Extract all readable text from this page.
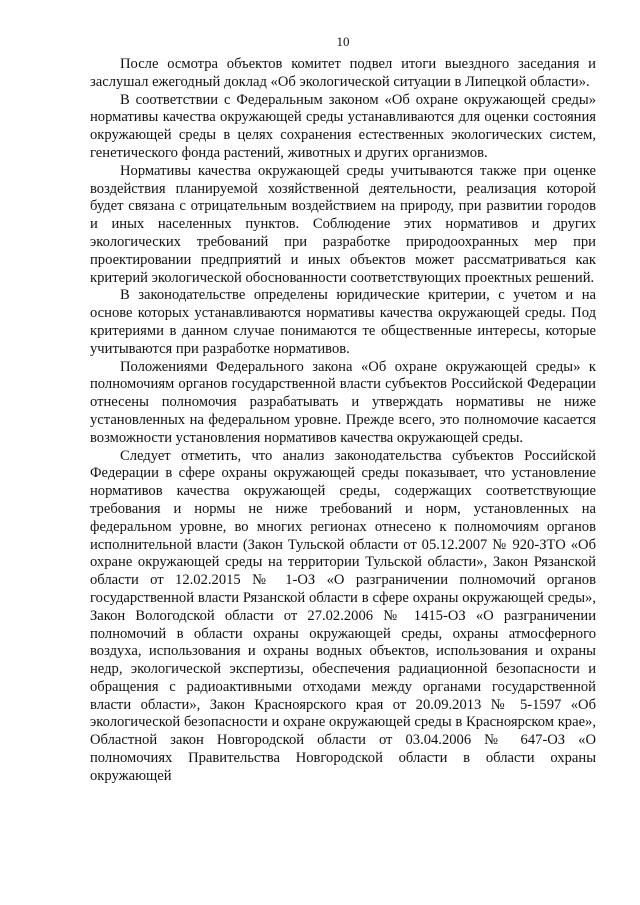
10

После осмотра объектов комитет подвел итоги выездного заседания и заслушал ежегодный доклад «Об экологической ситуации в Липецкой области».

В соответствии с Федеральным законом «Об охране окружающей среды» нормативы качества окружающей среды устанавливаются для оценки состояния окружающей среды в целях сохранения естественных экологических систем, генетического фонда растений, животных и других организмов.

Нормативы качества окружающей среды учитываются также при оценке воздействия планируемой хозяйственной деятельности, реализация которой будет связана с отрицательным воздействием на природу, при развитии городов и иных населенных пунктов. Соблюдение этих нормативов и других экологических требований при разработке природоохранных мер при проектировании предприятий и иных объектов может рассматриваться как критерий экологической обоснованности соответствующих проектных решений.

В законодательстве определены юридические критерии, с учетом и на основе которых устанавливаются нормативы качества окружающей среды. Под критериями в данном случае понимаются те общественные интересы, которые учитываются при разработке нормативов.

Положениями Федерального закона «Об охране окружающей среды» к полномочиям органов государственной власти субъектов Российской Федерации отнесены полномочия разрабатывать и утверждать нормативы не ниже установленных на федеральном уровне. Прежде всего, это полномочие касается возможности установления нормативов качества окружающей среды.

Следует отметить, что анализ законодательства субъектов Российской Федерации в сфере охраны окружающей среды показывает, что установление нормативов качества окружающей среды, содержащих соответствующие требования и нормы не ниже требований и норм, установленных на федеральном уровне, во многих регионах отнесено к полномочиям органов исполнительной власти (Закон Тульской области от 05.12.2007 № 920-ЗТО «Об охране окружающей среды на территории Тульской области», Закон Рязанской области от 12.02.2015 № 1-ОЗ «О разграничении полномочий органов государственной власти Рязанской области в сфере охраны окружающей среды», Закон Вологодской области от 27.02.2006 № 1415-ОЗ «О разграничении полномочий в области охраны окружающей среды, охраны атмосферного воздуха, использования и охраны водных объектов, использования и охраны недр, экологической экспертизы, обеспечения радиационной безопасности и обращения с радиоактивными отходами между органами государственной власти области», Закон Красноярского края от 20.09.2013 № 5-1597 «Об экологической безопасности и охране окружающей среды в Красноярском крае», Областной закон Новгородской области от 03.04.2006 № 647-ОЗ «О полномочиях Правительства Новгородской области в области охраны окружающей
